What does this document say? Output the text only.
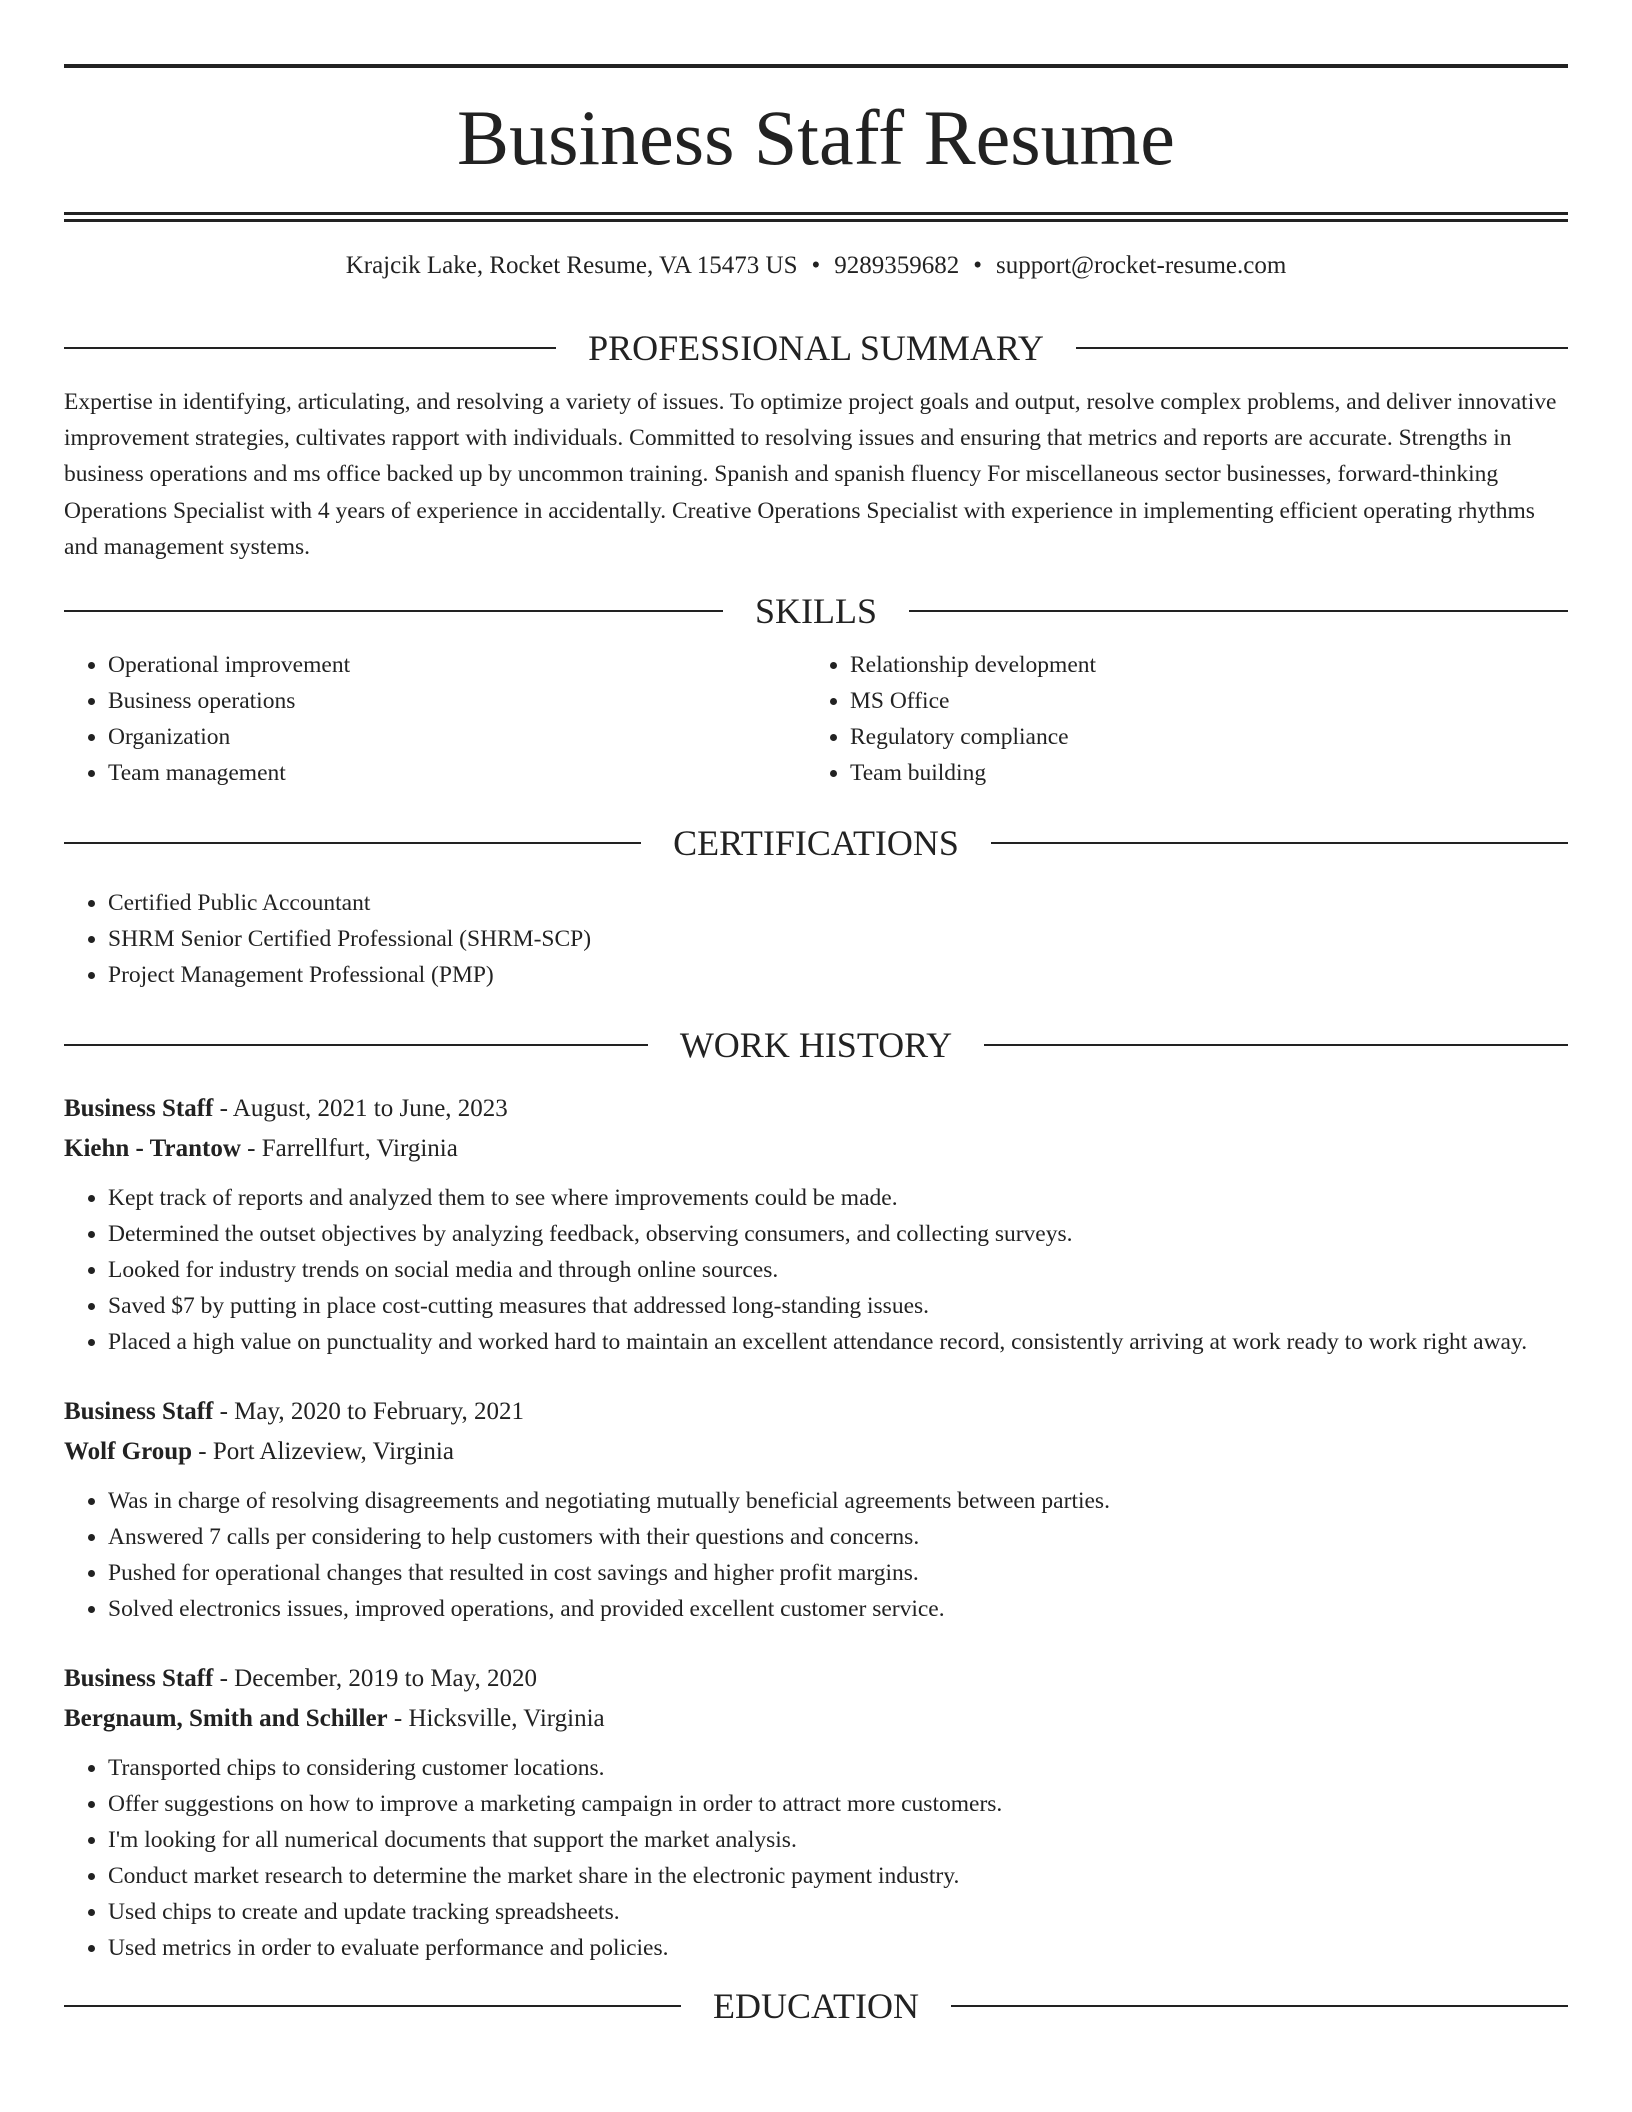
Business Staff Resume
Krajcik Lake, Rocket Resume, VA 15473 US • 9289359682 • support@rocket-resume.com
PROFESSIONAL SUMMARY

Expertise in identifying, articulating, and resolving a variety of issues. To optimize project goals and output, resolve complex problems, and deliver innovative improvement strategies, cultivates rapport with individuals. Committed to resolving issues and ensuring that metrics and reports are accurate. Strengths in business operations and ms office backed up by uncommon training. Spanish and spanish fluency For miscellaneous sector businesses, forward-thinking Operations Specialist with 4 years of experience in accidentally. Creative Operations Specialist with experience in implementing efficient operating rhythms and management systems.

SKILLS
• Operational improvement
• Business operations
• Organization
• Team management
• Relationship development
• MS Office
• Regulatory compliance
• Team building
CERTIFICATIONS
• Certified Public Accountant
• SHRM Senior Certified Professional (SHRM-SCP)
• Project Management Professional (PMP)
WORK HISTORY
Business Staff - August, 2021 to June, 2023
Kiehn - Trantow - Farrellfurt, Virginia
• Kept track of reports and analyzed them to see where improvements could be made.
• Determined the outset objectives by analyzing feedback, observing consumers, and collecting surveys.
• Looked for industry trends on social media and through online sources.
• Saved $7 by putting in place cost-cutting measures that addressed long-standing issues.
• Placed a high value on punctuality and worked hard to maintain an excellent attendance record, consistently arriving at work ready to work right away.
Business Staff - May, 2020 to February, 2021
Wolf Group - Port Alizeview, Virginia
• Was in charge of resolving disagreements and negotiating mutually beneficial agreements between parties.
• Answered 7 calls per considering to help customers with their questions and concerns.
• Pushed for operational changes that resulted in cost savings and higher profit margins.
• Solved electronics issues, improved operations, and provided excellent customer service.
Business Staff - December, 2019 to May, 2020
Bergnaum, Smith and Schiller - Hicksville, Virginia
• Transported chips to considering customer locations.
• Offer suggestions on how to improve a marketing campaign in order to attract more customers.
• I'm looking for all numerical documents that support the market analysis.
• Conduct market research to determine the market share in the electronic payment industry.
• Used chips to create and update tracking spreadsheets.
• Used metrics in order to evaluate performance and policies.
EDUCATION
